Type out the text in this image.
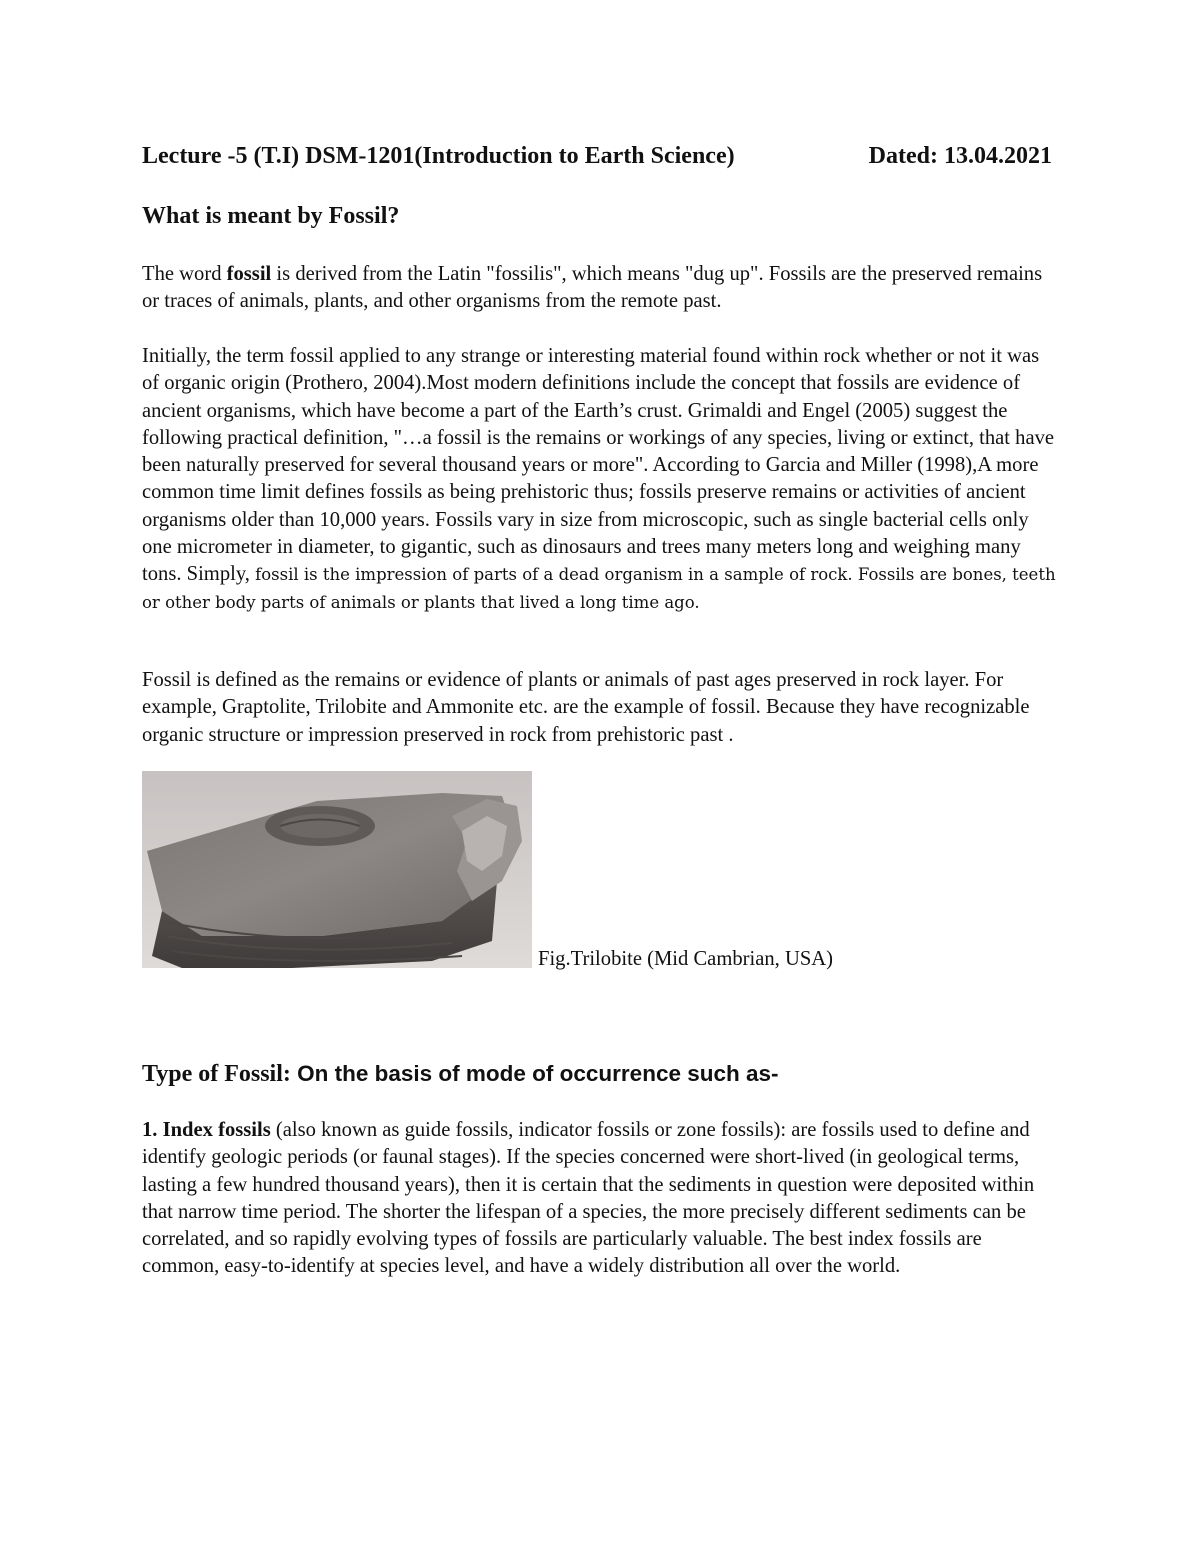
Lecture -5 (T.I) DSM-1201(Introduction to Earth Science)	Dated: 13.04.2021
What is meant by Fossil?
The word fossil is derived from the Latin "fossilis", which means "dug up". Fossils are the preserved remains or traces of animals, plants, and other organisms from the remote past.
Initially, the term fossil applied to any strange or interesting material found within rock whether or not it was of organic origin (Prothero, 2004).Most modern definitions include the concept that fossils are evidence of ancient organisms, which have become a part of the Earth’s crust. Grimaldi and Engel (2005) suggest the following practical definition, "…a fossil is the remains or workings of any species, living or extinct, that have been naturally preserved for several thousand years or more". According to Garcia and Miller (1998),A more common time limit defines fossils as being prehistoric thus; fossils preserve remains or activities of ancient organisms older than 10,000 years. Fossils vary in size from microscopic, such as single bacterial cells only one micrometer in diameter, to gigantic, such as dinosaurs and trees many meters long and weighing many tons. Simply, fossil is the impression of parts of a dead organism in a sample of rock. Fossils are bones, teeth or other body parts of animals or plants that lived a long time ago.
Fossil is defined as the remains or evidence of plants or animals of past ages preserved in rock layer. For example, Graptolite, Trilobite and Ammonite etc. are the example of fossil. Because they have recognizable organic structure or impression preserved in rock from prehistoric past .
Fig.Trilobite (Mid Cambrian, USA)
Type of Fossil: On the basis of mode of occurrence such as-
1. Index fossils (also known as guide fossils, indicator fossils or zone fossils): are fossils used to define and identify geologic periods (or faunal stages). If the species concerned were short-lived (in geological terms, lasting a few hundred thousand years), then it is certain that the sediments in question were deposited within that narrow time period. The shorter the lifespan of a species, the more precisely different sediments can be correlated, and so rapidly evolving types of fossils are particularly valuable. The best index fossils are common, easy-to-identify at species level, and have a widely distribution all over the world.
